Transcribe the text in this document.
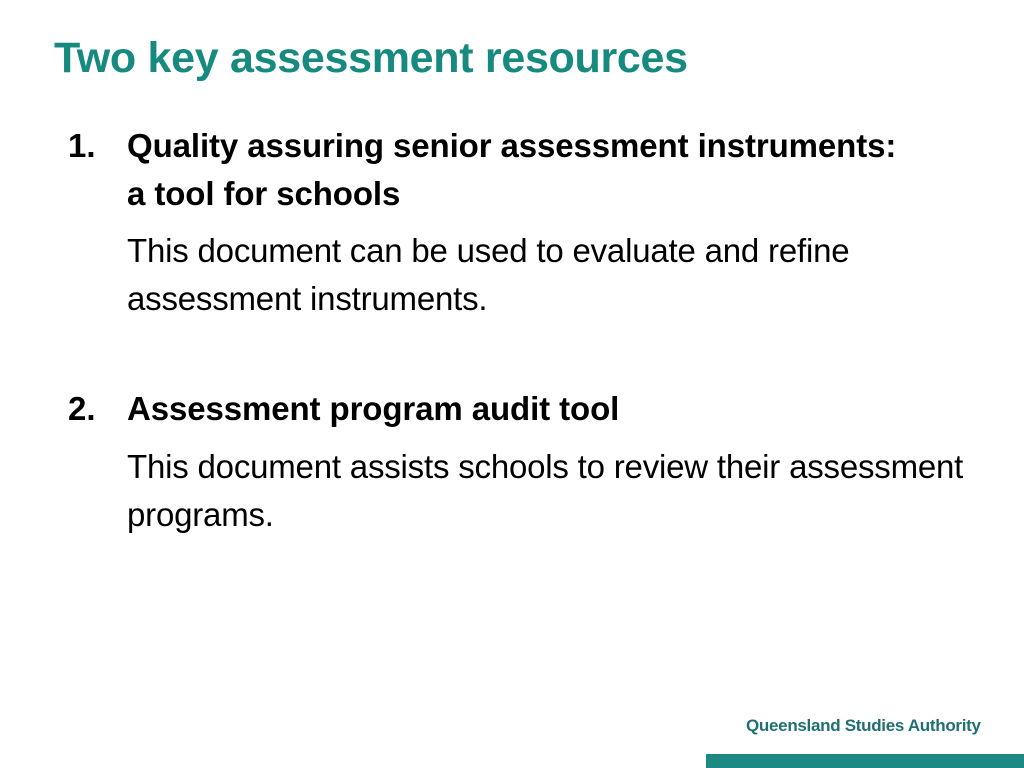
Two key assessment resources
1. Quality assuring senior assessment instruments: a tool for schools
This document can be used to evaluate and refine assessment instruments.
2. Assessment program audit tool
This document assists schools to review their assessment programs.
Queensland Studies Authority
